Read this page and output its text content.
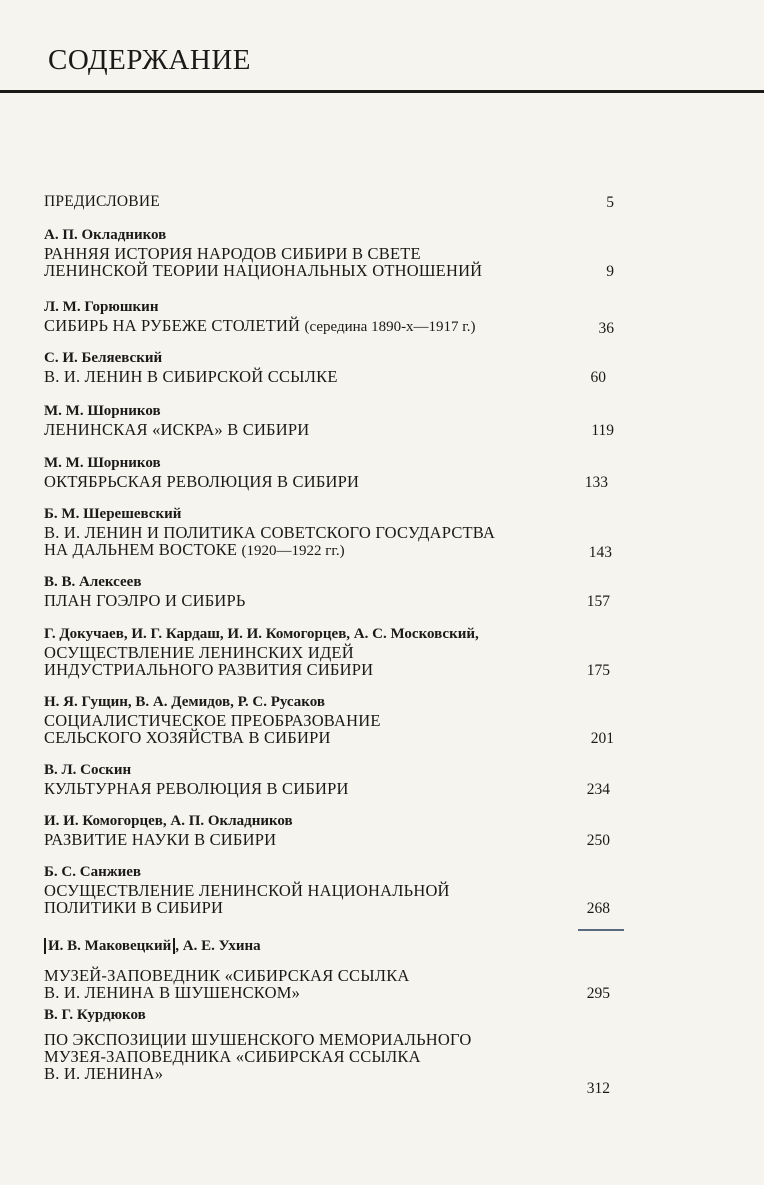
СОДЕРЖАНИЕ
ПРЕДИСЛОВИЕ	5
А. П. Окладников
РАННЯЯ ИСТОРИЯ НАРОДОВ СИБИРИ В СВЕТЕ
ЛЕНИНСКОЙ ТЕОРИИ НАЦИОНАЛЬНЫХ ОТНОШЕНИЙ	9
Л. М. Горюшкин
СИБИРЬ НА РУБЕЖЕ СТОЛЕТИЙ (середина 1890-х—1917 г.)	36
С. И. Беляевский
В. И. ЛЕНИН В СИБИРСКОЙ ССЫЛКЕ	60
М. М. Шорников
ЛЕНИНСКАЯ «ИСКРА» В СИБИРИ	119
М. М. Шорников
ОКТЯБРЬСКАЯ РЕВОЛЮЦИЯ В СИБИРИ	133
Б. М. Шерешевский
В. И. ЛЕНИН И ПОЛИТИКА СОВЕТСКОГО ГОСУДАРСТВА
НА ДАЛЬНЕМ ВОСТОКЕ (1920—1922 гг.)	143
В. В. Алексеев
ПЛАН ГОЭЛРО И СИБИРЬ	157
Г. Докучаев, И. Г. Кардаш, И. И. Комогорцев, А. С. Московский,
ОСУЩЕСТВЛЕНИЕ ЛЕНИНСКИХ ИДЕЙ
ИНДУСТРИАЛЬНОГО РАЗВИТИЯ СИБИРИ	175
Н. Я. Гущин, В. А. Демидов, Р. С. Русаков
СОЦИАЛИСТИЧЕСКОЕ ПРЕОБРАЗОВАНИЕ
СЕЛЬСКОГО ХОЗЯЙСТВА В СИБИРИ	201
В. Л. Соскин
КУЛЬТУРНАЯ РЕВОЛЮЦИЯ В СИБИРИ	234
И. И. Комогорцев, А. П. Окладников
РАЗВИТИЕ НАУКИ В СИБИРИ	250
Б. С. Санжиев
ОСУЩЕСТВЛЕНИЕ ЛЕНИНСКОЙ НАЦИОНАЛЬНОЙ
ПОЛИТИКИ В СИБИРИ	268
И. В. Маковецкий , А. Е. Ухина
МУЗЕЙ-ЗАПОВЕДНИК «СИБИРСКАЯ ССЫЛКА
В. И. ЛЕНИНА В ШУШЕНСКОМ»	295
В. Г. Курдюков
ПО ЭКСПОЗИЦИИ ШУШЕНСКОГО МЕМОРИАЛЬНОГО
МУЗЕЯ-ЗАПОВЕДНИКА «СИБИРСКАЯ ССЫЛКА
В. И. ЛЕНИНА»
312
